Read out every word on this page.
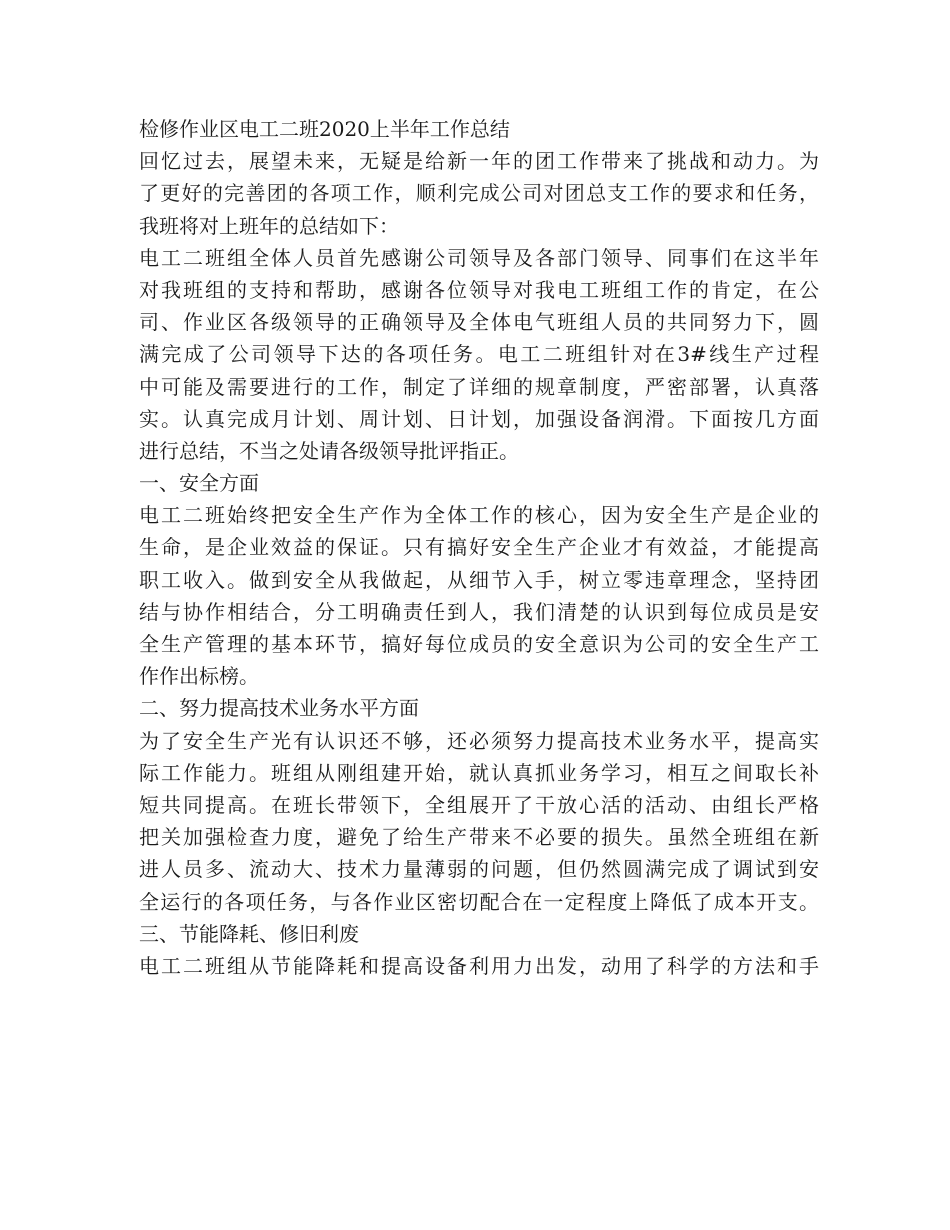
检修作业区电工二班2020上半年工作总结
回忆过去，展望未来，无疑是给新一年的团工作带来了挑战和动力。为
了更好的完善团的各项工作，顺利完成公司对团总支工作的要求和任务，
我班将对上班年的总结如下：
电工二班组全体人员首先感谢公司领导及各部门领导、同事们在这半年
对我班组的支持和帮助，感谢各位领导对我电工班组工作的肯定，在公
司、作业区各级领导的正确领导及全体电气班组人员的共同努力下，圆
满完成了公司领导下达的各项任务。电工二班组针对在3#线生产过程
中可能及需要进行的工作，制定了详细的规章制度，严密部署，认真落
实。认真完成月计划、周计划、日计划，加强设备润滑。下面按几方面
进行总结，不当之处请各级领导批评指正。
一、安全方面
电工二班始终把安全生产作为全体工作的核心，因为安全生产是企业的
生命，是企业效益的保证。只有搞好安全生产企业才有效益，才能提高
职工收入。做到安全从我做起，从细节入手，树立零违章理念，坚持团
结与协作相结合，分工明确责任到人，我们清楚的认识到每位成员是安
全生产管理的基本环节，搞好每位成员的安全意识为公司的安全生产工
作作出标榜。
二、努力提高技术业务水平方面
为了安全生产光有认识还不够，还必须努力提高技术业务水平，提高实
际工作能力。班组从刚组建开始，就认真抓业务学习，相互之间取长补
短共同提高。在班长带领下，全组展开了干放心活的活动、由组长严格
把关加强检查力度，避免了给生产带来不必要的损失。虽然全班组在新
进人员多、流动大、技术力量薄弱的问题，但仍然圆满完成了调试到安
全运行的各项任务，与各作业区密切配合在一定程度上降低了成本开支。
三、节能降耗、修旧利废
电工二班组从节能降耗和提高设备利用力出发，动用了科学的方法和手
